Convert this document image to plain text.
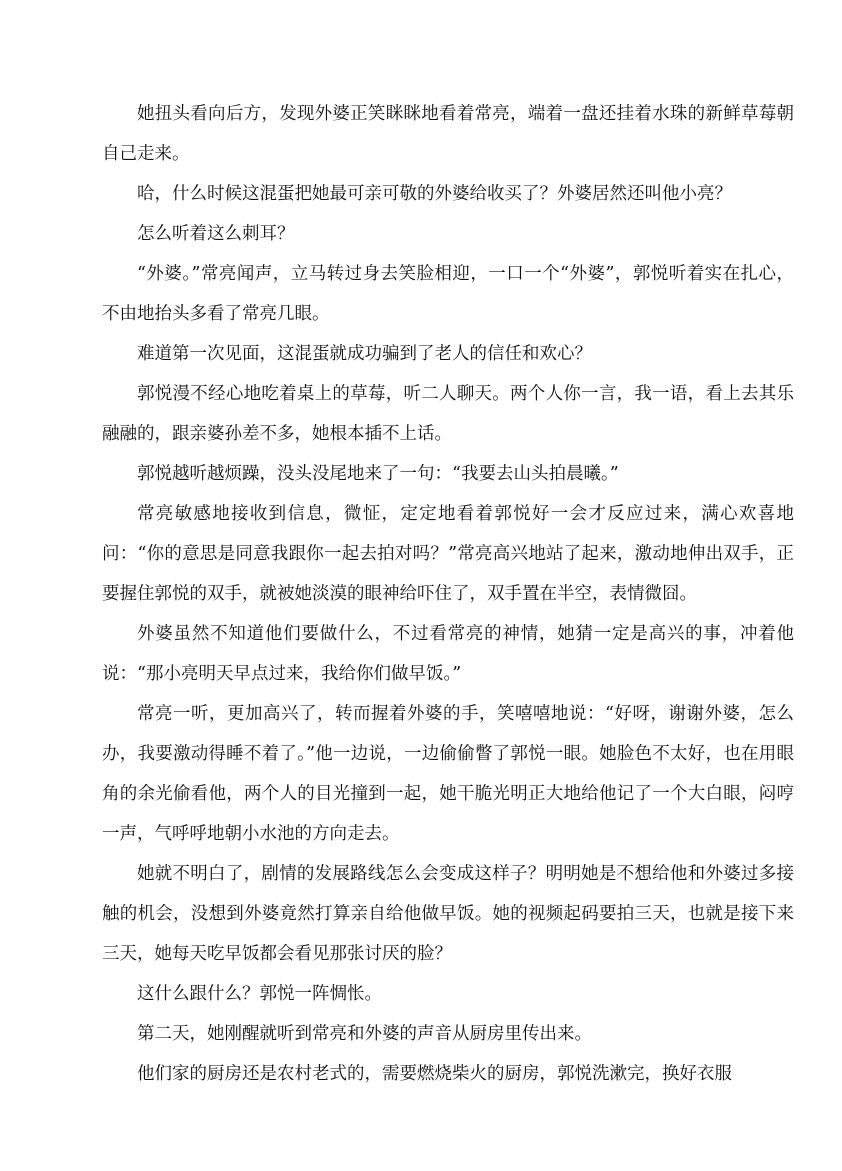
她扭头看向后方，发现外婆正笑眯眯地看着常亮，端着一盘还挂着水珠的新鲜草莓朝自己走来。

哈，什么时候这混蛋把她最可亲可敬的外婆给收买了？外婆居然还叫他小亮？

怎么听着这么刺耳？

“外婆。”常亮闻声，立马转过身去笑脸相迎，一口一个“外婆”，郭悦听着实在扎心，不由地抬头多看了常亮几眼。

难道第一次见面，这混蛋就成功骗到了老人的信任和欢心？

郭悦漫不经心地吃着桌上的草莓，听二人聊天。两个人你一言，我一语，看上去其乐融融的，跟亲婆孙差不多，她根本插不上话。

郭悦越听越烦躁，没头没尾地来了一句：“我要去山头拍晨曦。”

常亮敏感地接收到信息，微怔，定定地看着郭悦好一会才反应过来，满心欢喜地问：“你的意思是同意我跟你一起去拍对吗？”常亮高兴地站了起来，激动地伸出双手，正要握住郭悦的双手，就被她淡漠的眼神给吓住了，双手置在半空，表情微囧。

外婆虽然不知道他们要做什么，不过看常亮的神情，她猜一定是高兴的事，冲着他说：“那小亮明天早点过来，我给你们做早饭。”

常亮一听，更加高兴了，转而握着外婆的手，笑嘻嘻地说：“好呀，谢谢外婆，怎么办，我要激动得睡不着了。”他一边说，一边偷偷瞥了郭悦一眼。她脸色不太好，也在用眼角的余光偷看他，两个人的目光撞到一起，她干脆光明正大地给他记了一个大白眼，闷哼一声，气呼呼地朝小水池的方向走去。

她就不明白了，剧情的发展路线怎么会变成这样子？明明她是不想给他和外婆过多接触的机会，没想到外婆竟然打算亲自给他做早饭。她的视频起码要拍三天，也就是接下来三天，她每天吃早饭都会看见那张讨厌的脸？

这什么跟什么？郭悦一阵惆怅。

第二天，她刚醒就听到常亮和外婆的声音从厨房里传出来。

他们家的厨房还是农村老式的，需要燃烧柴火的厨房，郭悦洗漱完，换好衣服
